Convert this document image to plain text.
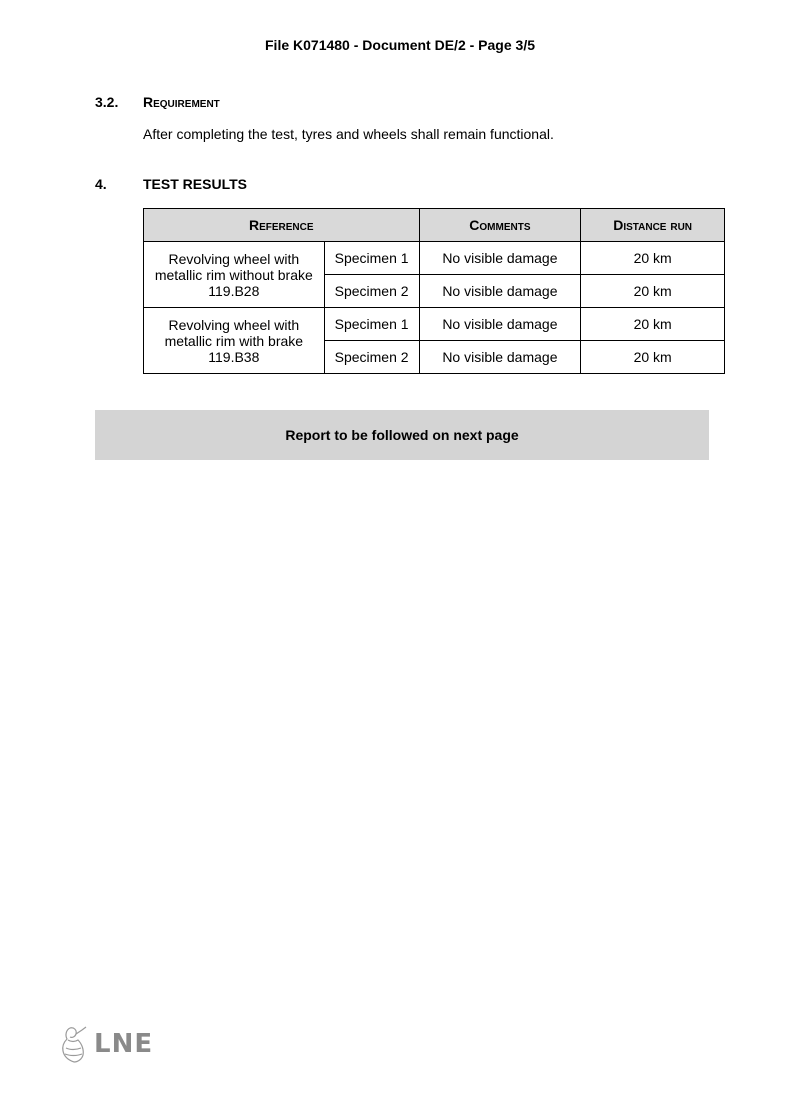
File K071480 - Document DE/2 - Page 3/5
3.2. Requirement
After completing the test, tyres and wheels shall remain functional.
4.	TEST RESULTS
Reference		Comments	Distance run
Revolving wheel with metallic rim without brake 119.B28	Specimen 1	No visible damage	20 km
	Specimen 2	No visible damage	20 km
Revolving wheel with metallic rim with brake 119.B38	Specimen 1	No visible damage	20 km
	Specimen 2	No visible damage	20 km
Report to be followed on next page
LNE
